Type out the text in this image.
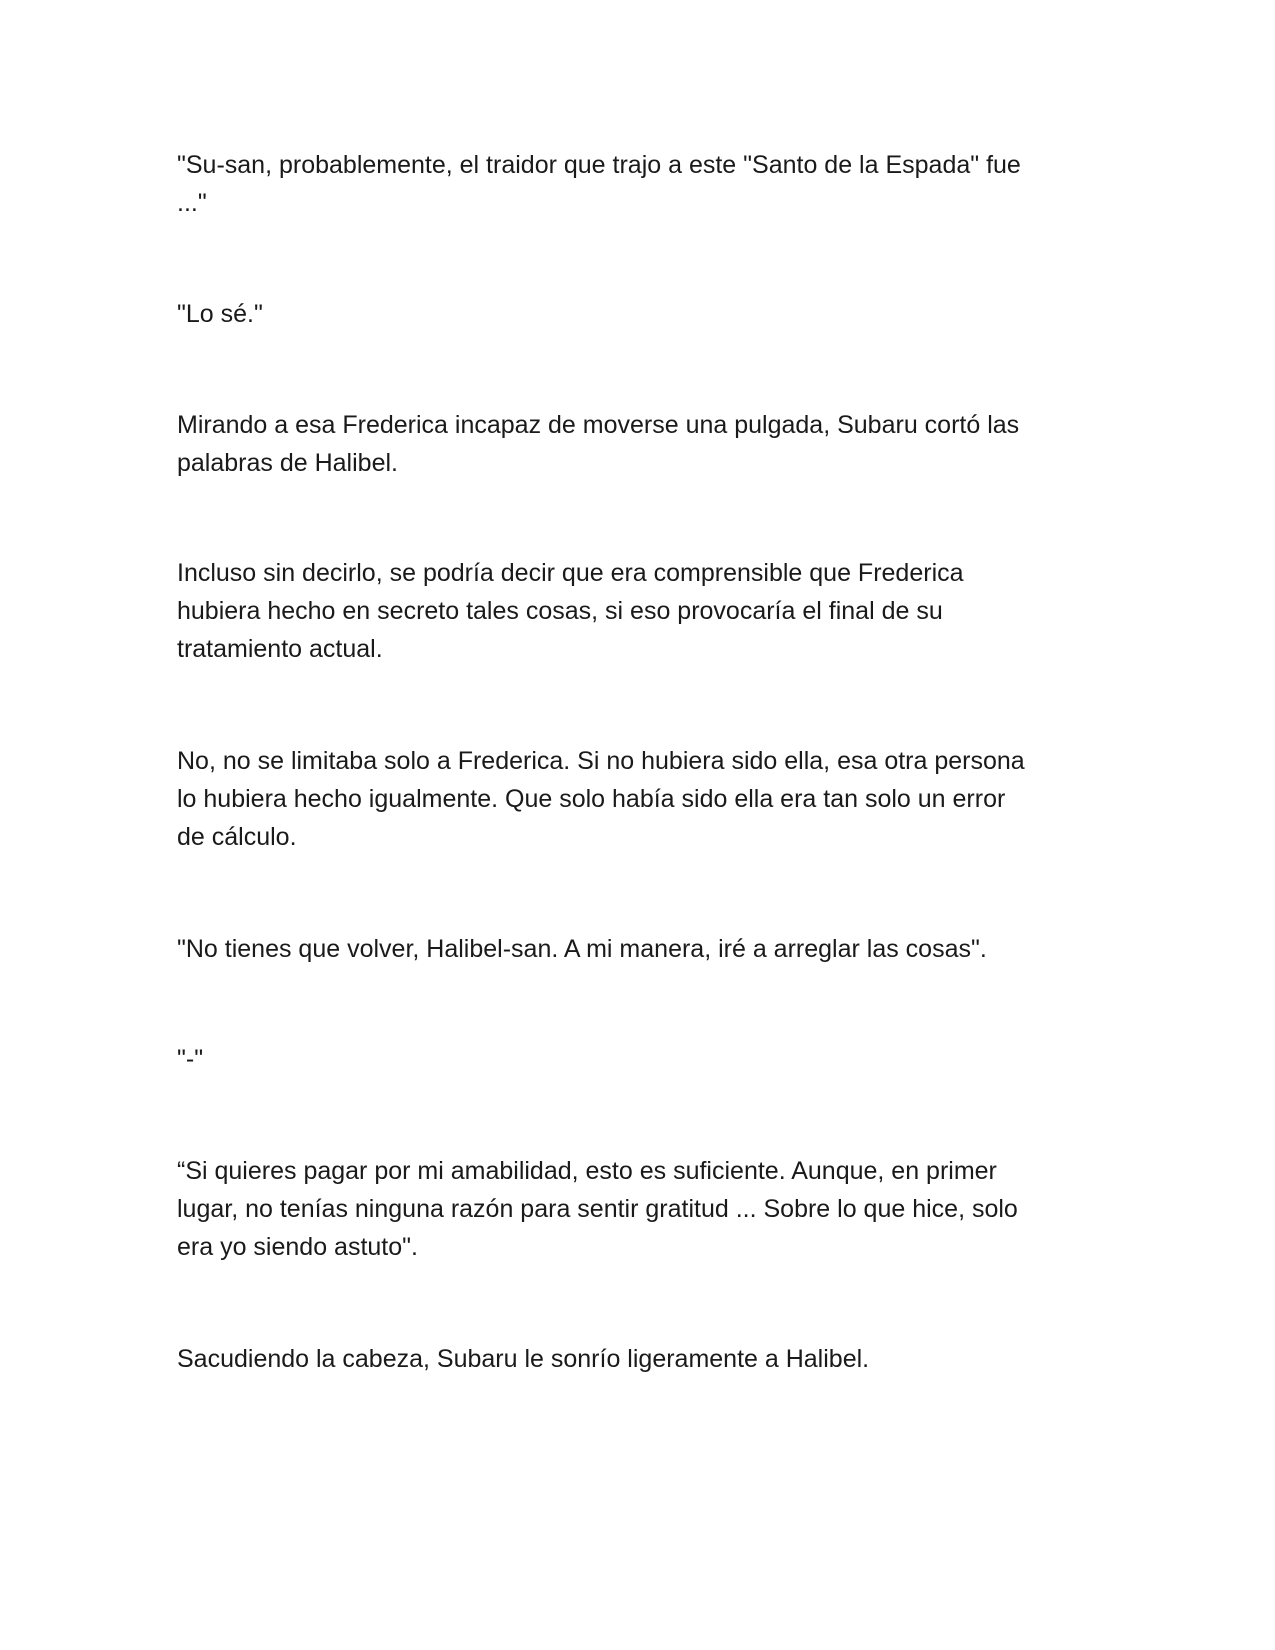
"Su-san, probablemente, el traidor que trajo a este "Santo de la Espada" fue
..."

"Lo sé."

Mirando a esa Frederica incapaz de moverse una pulgada, Subaru cortó las
palabras de Halibel.

Incluso sin decirlo, se podría decir que era comprensible que Frederica
hubiera hecho en secreto tales cosas, si eso provocaría el final de su
tratamiento actual.

No, no se limitaba solo a Frederica. Si no hubiera sido ella, esa otra persona
lo hubiera hecho igualmente. Que solo había sido ella era tan solo un error
de cálculo.

"No tienes que volver, Halibel-san. A mi manera, iré a arreglar las cosas".

"-"

“Si quieres pagar por mi amabilidad, esto es suficiente. Aunque, en primer
lugar, no tenías ninguna razón para sentir gratitud ... Sobre lo que hice, solo
era yo siendo astuto".

Sacudiendo la cabeza, Subaru le sonrío ligeramente a Halibel.
